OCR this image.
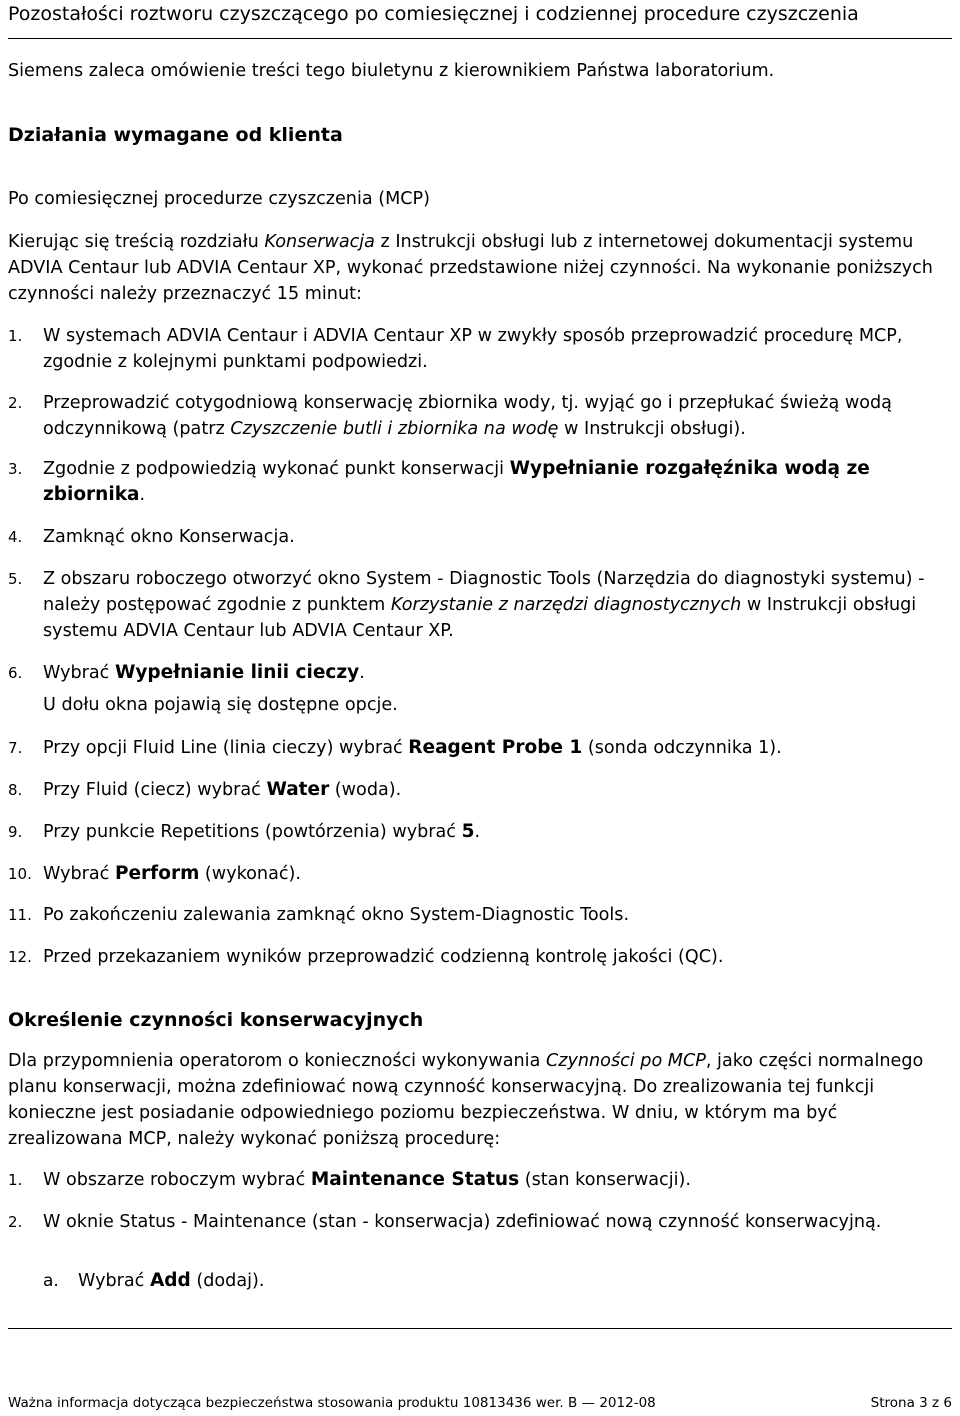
Pozostałości roztworu czyszczącego po comiesięcznej i codziennej procedure czyszczenia
Siemens zaleca omówienie treści tego biuletynu z kierownikiem Państwa laboratorium.
Działania wymagane od klienta
Po comiesięcznej procedurze czyszczenia (MCP)
Kierując się treścią rozdziału Konserwacja z Instrukcji obsługi lub z internetowej dokumentacji systemu ADVIA Centaur lub ADVIA Centaur XP, wykonać przedstawione niżej czynności. Na wykonanie poniższych czynności należy przeznaczyć 15 minut:
1.	W systemach ADVIA Centaur i ADVIA Centaur XP w zwykły sposób przeprowadzić procedurę MCP, zgodnie z kolejnymi punktami podpowiedzi.
2.	Przeprowadzić cotygodniową konserwację zbiornika wody, tj. wyjąć go i przepłukać świeżą wodą odczynnikową (patrz Czyszczenie butli i zbiornika na wodę w Instrukcji obsługi).
3.	Zgodnie z podpowiedzią wykonać punkt konserwacji Wypełnianie rozgałęźnika wodą ze zbiornika.
4.	Zamknąć okno Konserwacja.
5.	Z obszaru roboczego otworzyć okno System - Diagnostic Tools (Narzędzia do diagnostyki systemu) - należy postępować zgodnie z punktem Korzystanie z narzędzi diagnostycznych w Instrukcji obsługi systemu ADVIA Centaur lub ADVIA Centaur XP.
6.	Wybrać Wypełnianie linii cieczy.
U dołu okna pojawią się dostępne opcje.
7.	Przy opcji Fluid Line (linia cieczy) wybrać Reagent Probe 1 (sonda odczynnika 1).
8.	Przy Fluid (ciecz) wybrać Water (woda).
9.	Przy punkcie Repetitions (powtórzenia) wybrać 5.
10. Wybrać Perform (wykonać).
11. Po zakończeniu zalewania zamknąć okno System-Diagnostic Tools.
12. Przed przekazaniem wyników przeprowadzić codzienną kontrolę jakości (QC).
Określenie czynności konserwacyjnych
Dla przypomnienia operatorom o konieczności wykonywania Czynności po MCP, jako części normalnego planu konserwacji, można zdefiniować nową czynność konserwacyjną. Do zrealizowania tej funkcji konieczne jest posiadanie odpowiedniego poziomu bezpieczeństwa. W dniu, w którym ma być zrealizowana MCP, należy wykonać poniższą procedurę:
1.	W obszarze roboczym wybrać Maintenance Status (stan konserwacji).
2.	W oknie Status - Maintenance (stan - konserwacja) zdefiniować nową czynność konserwacyjną.
a.	Wybrać Add (dodaj).
Ważna informacja dotycząca bezpieczeństwa stosowania produktu 10813436 wer. B — 2012-08	Strona 3 z 6
